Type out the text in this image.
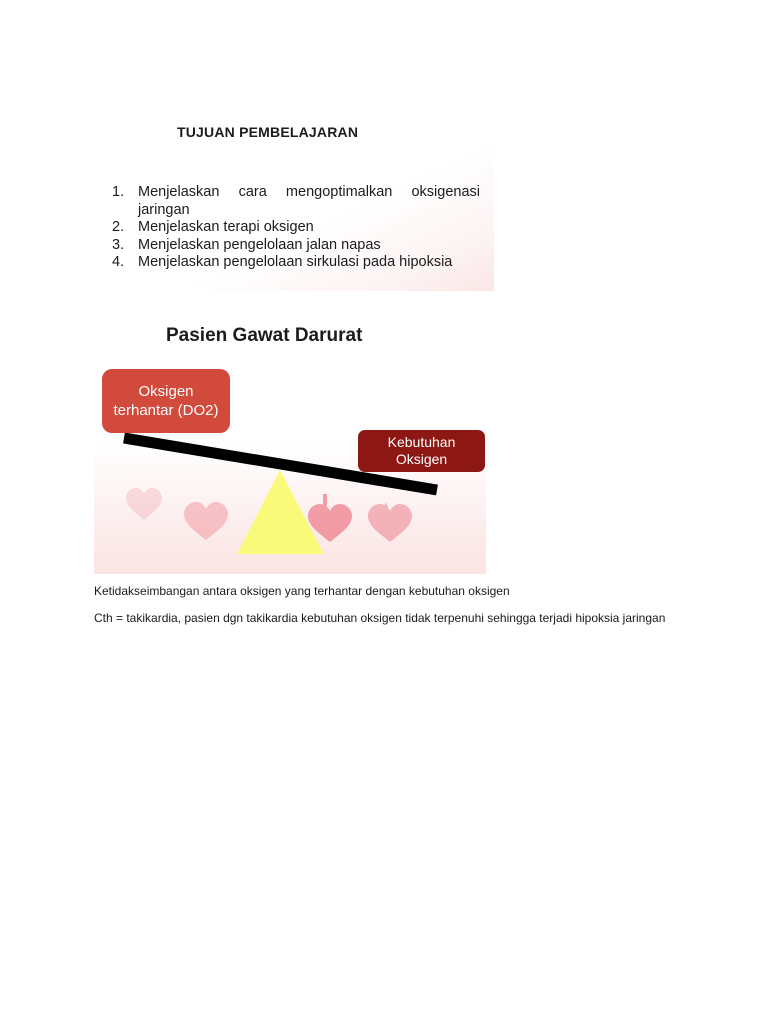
TUJUAN PEMBELAJARAN
1. Menjelaskan cara mengoptimalkan oksigenasi jaringan
2. Menjelaskan terapi oksigen
3. Menjelaskan pengelolaan jalan napas
4. Menjelaskan pengelolaan sirkulasi pada hipoksia
Pasien Gawat Darurat
Oksigen
terhantar (DO2)
Kebutuhan
Oksigen

Ketidakseimbangan antara oksigen yang terhantar dengan kebutuhan oksigen

Cth = takikardia, pasien dgn takikardia kebutuhan oksigen tidak terpenuhi sehingga terjadi hipoksia jaringan
